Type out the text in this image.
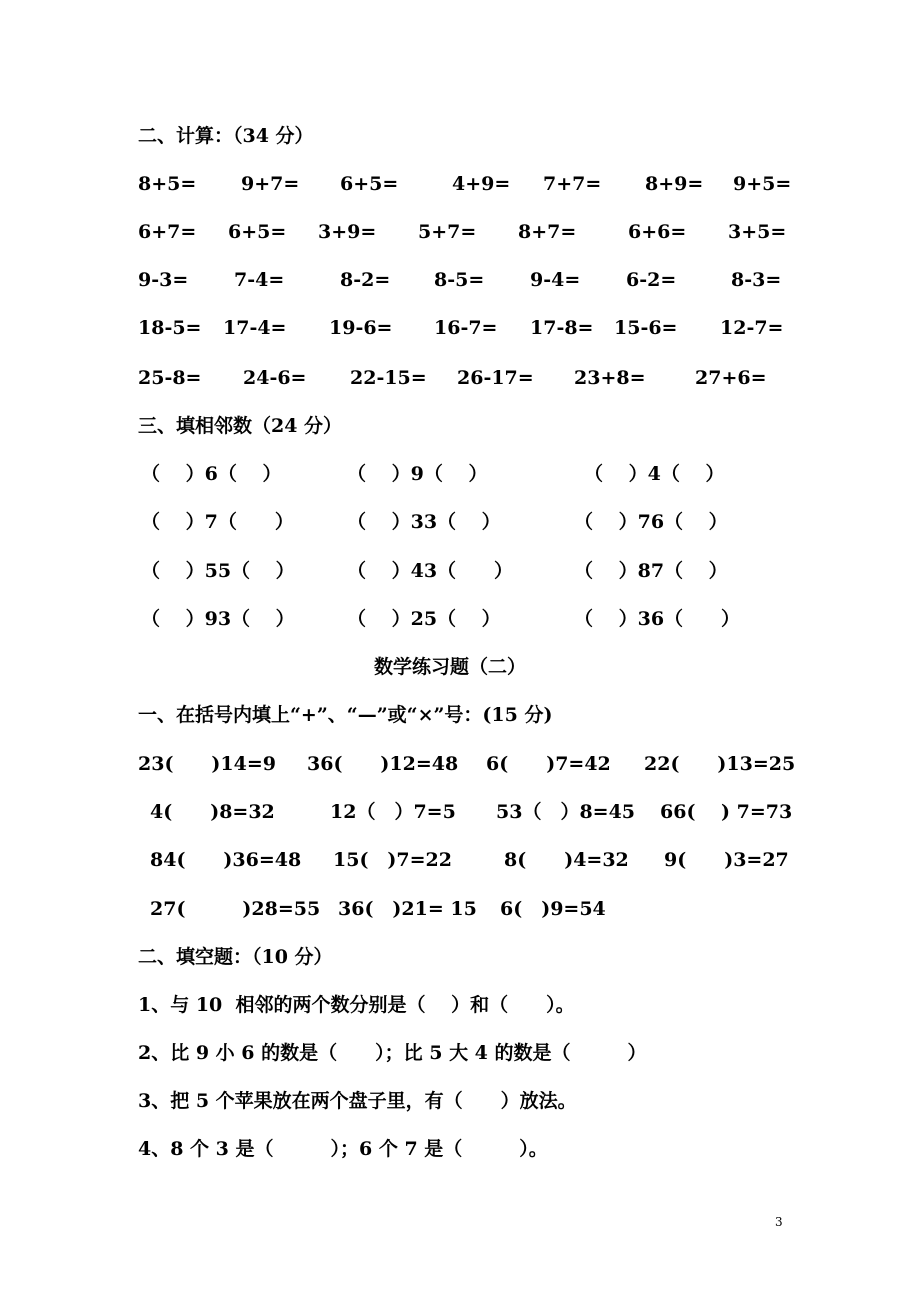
二、计算：（34 分）
8+5= 9+7= 6+5=	4+9= 7+7= 8+9= 9+5=
6+7= 6+5= 3+9= 5+7= 8+7=	6+6= 3+5=
9-3= 7-4=	8-2= 8-5= 9-4= 6-2=	8-3=
18-5= 17-4= 19-6= 16-7= 17-8= 15-6= 12-7=
25-8= 24-6= 22-15= 26-17= 23+8=	27+6=
三、填相邻数（24 分）
（　 ）6（　 ）	（　 ）9（　 ）	（　 ）4（　 ）
（　 ）7（　　）	（　 ）33（　 ）	（　 ）76（　 ）
（　 ）55（　 ）	（　 ）43（　　）	（　 ）87（　 ）
（　 ）93（　 ）	（　 ）25（　 ）	（　 ）36（　　）
数学练习题（二）
一、在括号内填上“+”、“—”或“×”号：(15 分)
23(　　)14=9 36(　　)12=48 6(　　)7=42 22(　　)13=25
4(　　)8=32	12（　）7=5 53（　）8=45 66(　 ) 7=73
84(　　)36=48 15(　)7=22	8(　　)4=32 9(　　)3=27
27(　　　)28=55 36(　)21= 15 6(　)9=54
二、填空题：（10 分）
1、与 10  相邻的两个数分别是（　 ）和（　　）。
2、比 9 小 6 的数是（　　）；比 5 大 4 的数是（　　　）
3、把 5 个苹果放在两个盘子里，有（　　）放法。
4、8 个 3 是（　　　）；6 个 7 是（　　　）。
3
